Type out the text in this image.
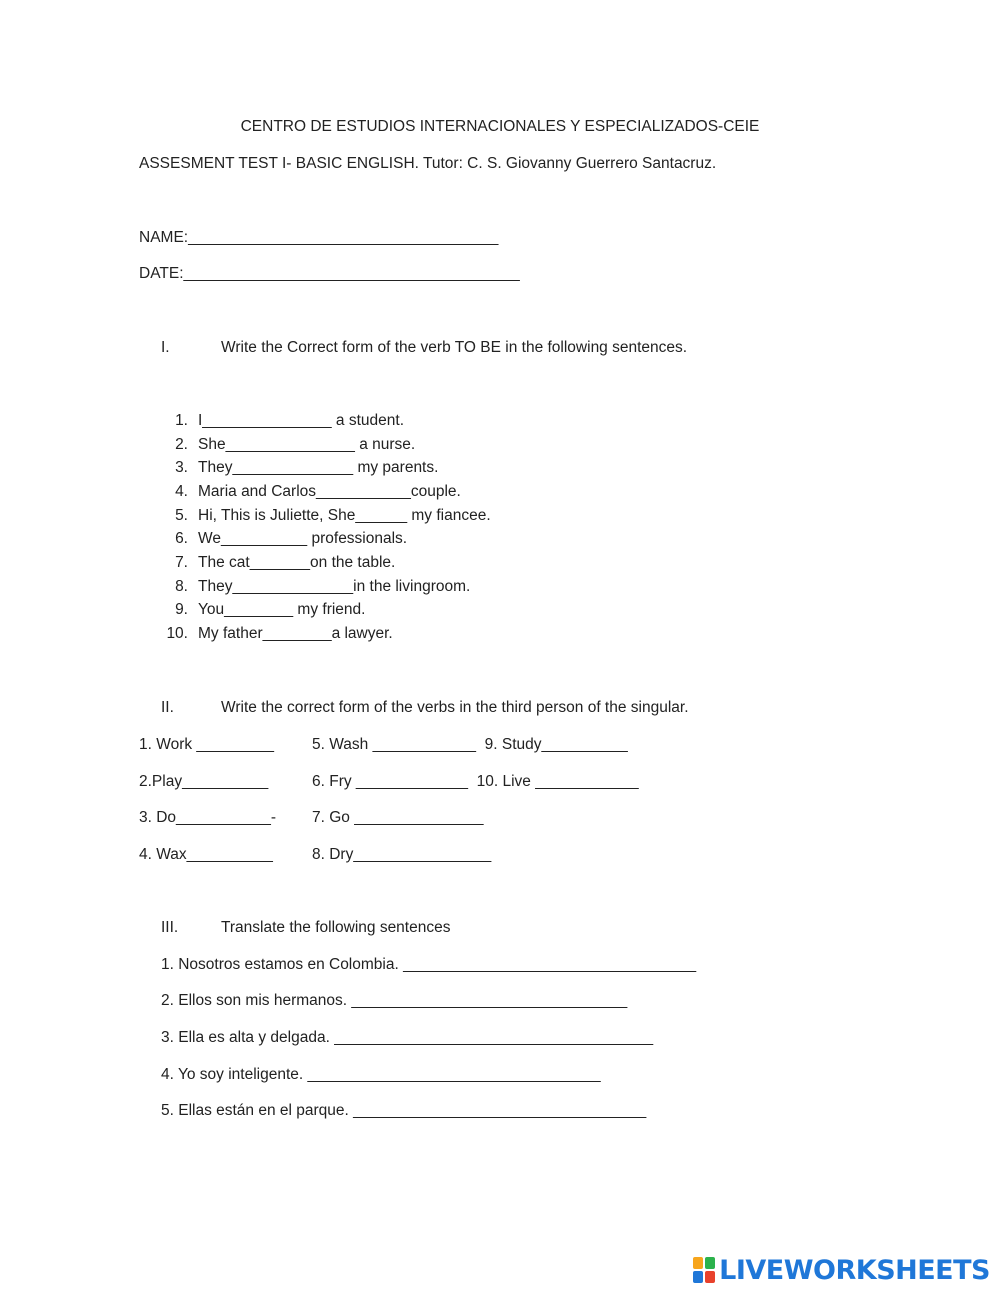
CENTRO DE ESTUDIOS INTERNACIONALES Y ESPECIALIZADOS-CEIE
ASSESMENT TEST I- BASIC ENGLISH. Tutor: C. S. Giovanny Guerrero Santacruz.
NAME:____________________________________
DATE:_______________________________________
I.	Write the Correct form of the verb TO BE in the following sentences.
1. I_______________ a student.
2. She_______________ a nurse.
3. They______________ my parents.
4. Maria and Carlos___________couple.
5. Hi, This is Juliette, She______ my fiancee.
6. We__________ professionals.
7. The cat_______on the table.
8. They______________in the livingroom.
9. You________ my friend.
10. My father________a lawyer.
II.	Write the correct form of the verbs in the third person of the singular.
1. Work _________ 5. Wash ____________  9. Study__________
2.Play__________	6. Fry _____________  10. Live ____________
3. Do___________- 7. Go _______________
4. Wax__________	8. Dry________________
III.	Translate the following sentences
1. Nosotros estamos en Colombia. __________________________________
2. Ellos son mis hermanos. ________________________________
3. Ella es alta y delgada. _____________________________________
4. Yo soy inteligente. __________________________________
5. Ellas están en el parque. __________________________________
LIVEWORKSHEETS
